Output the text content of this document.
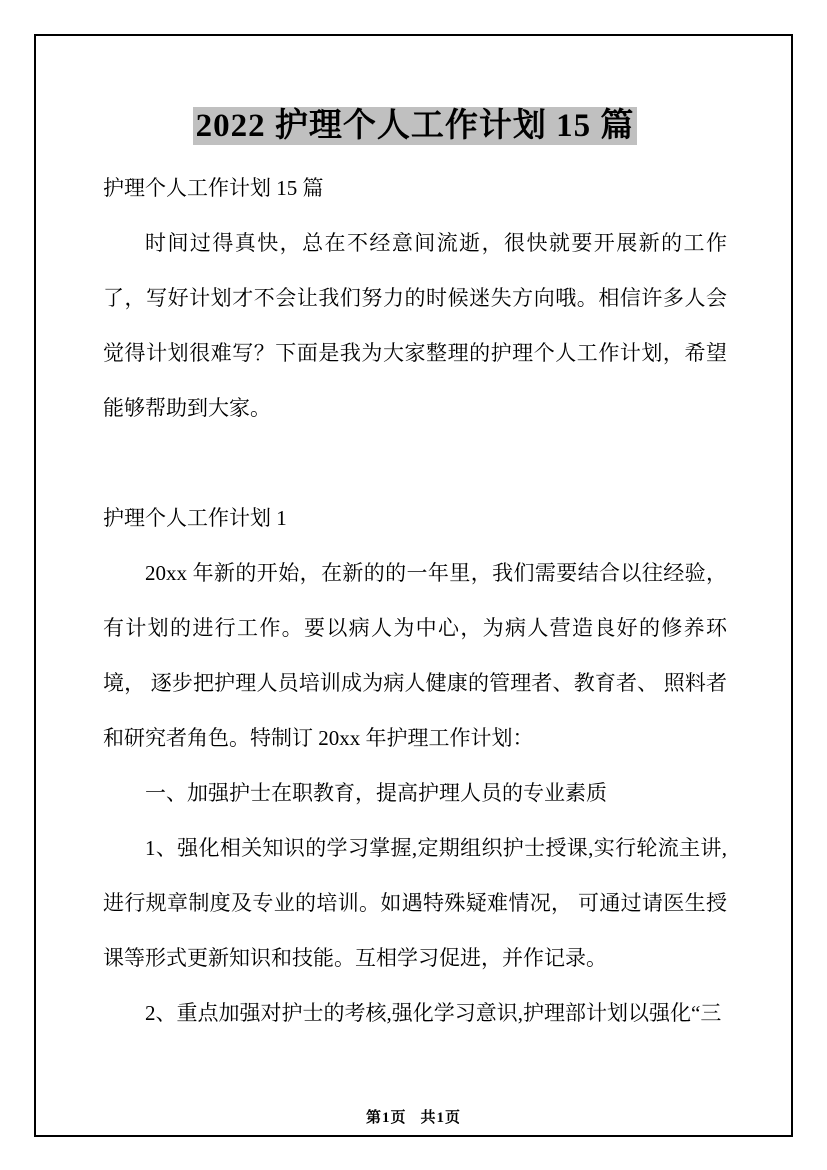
2022 护理个人工作计划 15 篇

护理个人工作计划 15 篇

时间过得真快，总在不经意间流逝，很快就要开展新的工作了，写好计划才不会让我们努力的时候迷失方向哦。相信许多人会觉得计划很难写？下面是我为大家整理的护理个人工作计划，希望能够帮助到大家。

护理个人工作计划 1

20xx 年新的开始，在新的的一年里，我们需要结合以往经验，有计划的进行工作。要以病人为中心，为病人营造良好的修养环境， 逐步把护理人员培训成为病人健康的管理者、教育者、 照料者和研究者角色。特制订 20xx 年护理工作计划：

一、加强护士在职教育，提高护理人员的专业素质

1、强化相关知识的学习掌握,定期组织护士授课,实行轮流主讲,进行规章制度及专业的培训。如遇特殊疑难情况， 可通过请医生授课等形式更新知识和技能。互相学习促进，并作记录。

2、重点加强对护士的考核,强化学习意识,护理部计划以强化“三

第1页 共1页
